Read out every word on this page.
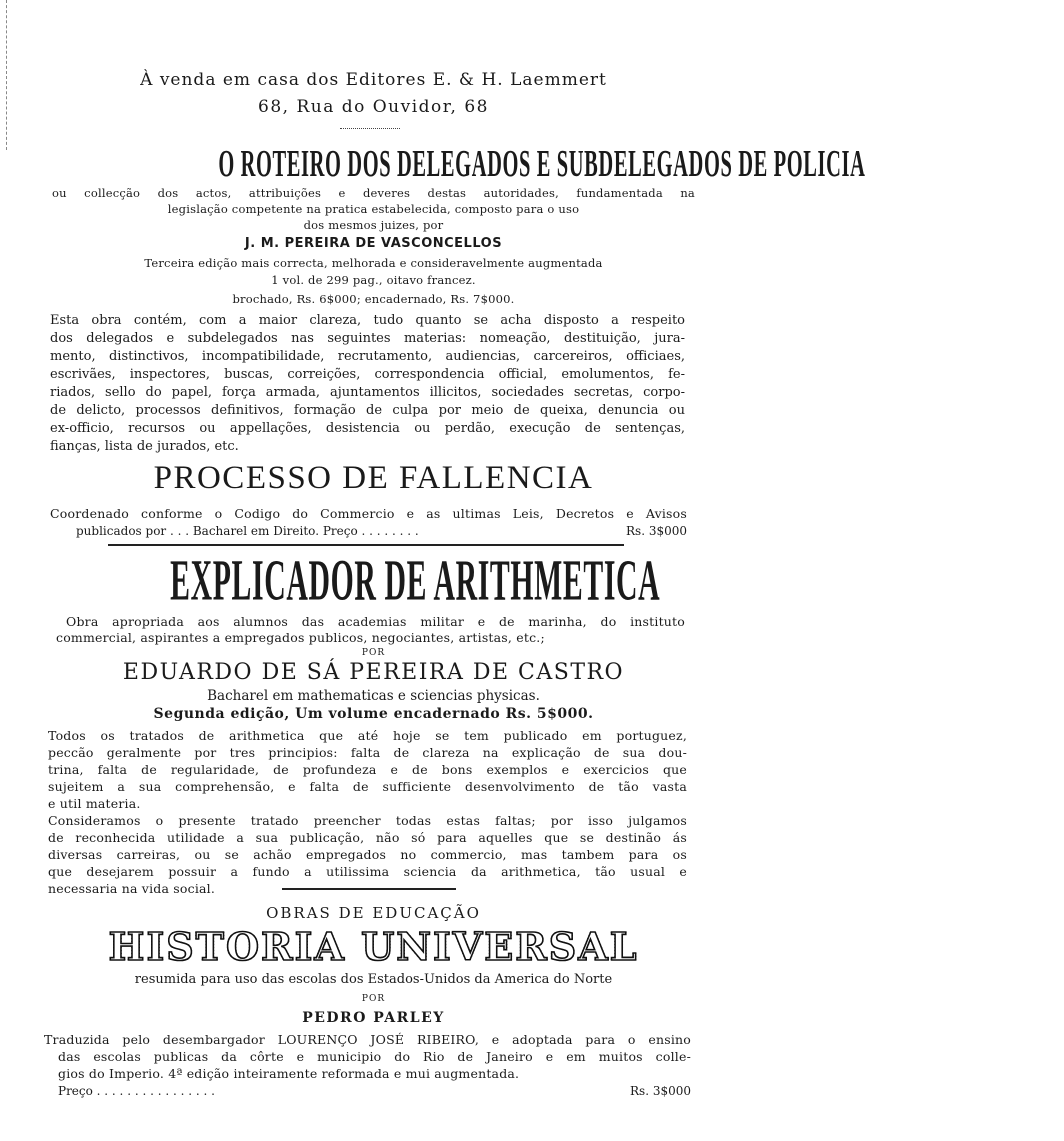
À venda em casa dos Editores E. & H. Laemmert
68, Rua do Ouvidor, 68
O ROTEIRO DOS DELEGADOS E SUBDELEGADOS DE POLICIA
ou collecção dos actos, attribuições e deveres destas autoridades, fundamentada na
legislação competente na pratica estabelecida, composto para o uso
dos mesmos juizes, por
J. M. PEREIRA DE VASCONCELLOS
Terceira edição mais correcta, melhorada e consideravelmente augmentada
1 vol. de 299 pag., oitavo francez.
brochado, Rs. 6$000; encadernado, Rs. 7$000.
Esta obra contém, com a maior clareza, tudo quanto se acha disposto a respeito
dos delegados e subdelegados nas seguintes materias: nomeação, destituição, jura-
mento, distinctivos, incompatibilidade, recrutamento, audiencias, carcereiros, officiaes,
escrivães, inspectores, buscas, correições, correspondencia official, emolumentos, fe-
riados, sello do papel, força armada, ajuntamentos illicitos, sociedades secretas, corpo-
de delicto, processos definitivos, formação de culpa por meio de queixa, denuncia ou
ex-officio, recursos ou appellações, desistencia ou perdão, execução de sentenças,
fianças, lista de jurados, etc.
PROCESSO DE FALLENCIA
Coordenado conforme o Codigo do Commercio e as ultimas Leis, Decretos e Avisos
publicados por . . . Bacharel em Direito. Preço . . . . . . . .	Rs. 3$000
EXPLICADOR DE ARITHMETICA
Obra apropriada aos alumnos das academias militar e de marinha, do instituto
commercial, aspirantes a empregados publicos, negociantes, artistas, etc.;
POR
EDUARDO DE SÁ PEREIRA DE CASTRO
Bacharel em mathematicas e sciencias physicas.
Segunda edição, Um volume encadernado Rs. 5$000.
Todos os tratados de arithmetica que até hoje se tem publicado em portuguez,
peccão geralmente por tres principios: falta de clareza na explicação de sua dou-
trina, falta de regularidade, de profundeza e de bons exemplos e exercicios que
sujeitem a sua comprehensão, e falta de sufficiente desenvolvimento de tão vasta
e util materia.
Consideramos o presente tratado preencher todas estas faltas; por isso julgamos
de reconhecida utilidade a sua publicação, não só para aquelles que se destinão ás
diversas carreiras, ou se achão empregados no commercio, mas tambem para os
que desejarem possuir a fundo a utilissima sciencia da arithmetica, tão usual e
necessaria na vida social.
OBRAS DE EDUCAÇÃO
HISTORIA UNIVERSAL
resumida para uso das escolas dos Estados-Unidos da America do Norte
POR
PEDRO PARLEY
Traduzida pelo desembargador LOURENÇO JOSÉ RIBEIRO, e adoptada para o ensino
das escolas publicas da côrte e municipio do Rio de Janeiro e em muitos colle-
gios do Imperio. 4ª edição inteiramente reformada e mui augmentada.
Preço . . . . . . . . . . . . . . . .	Rs. 3$000
